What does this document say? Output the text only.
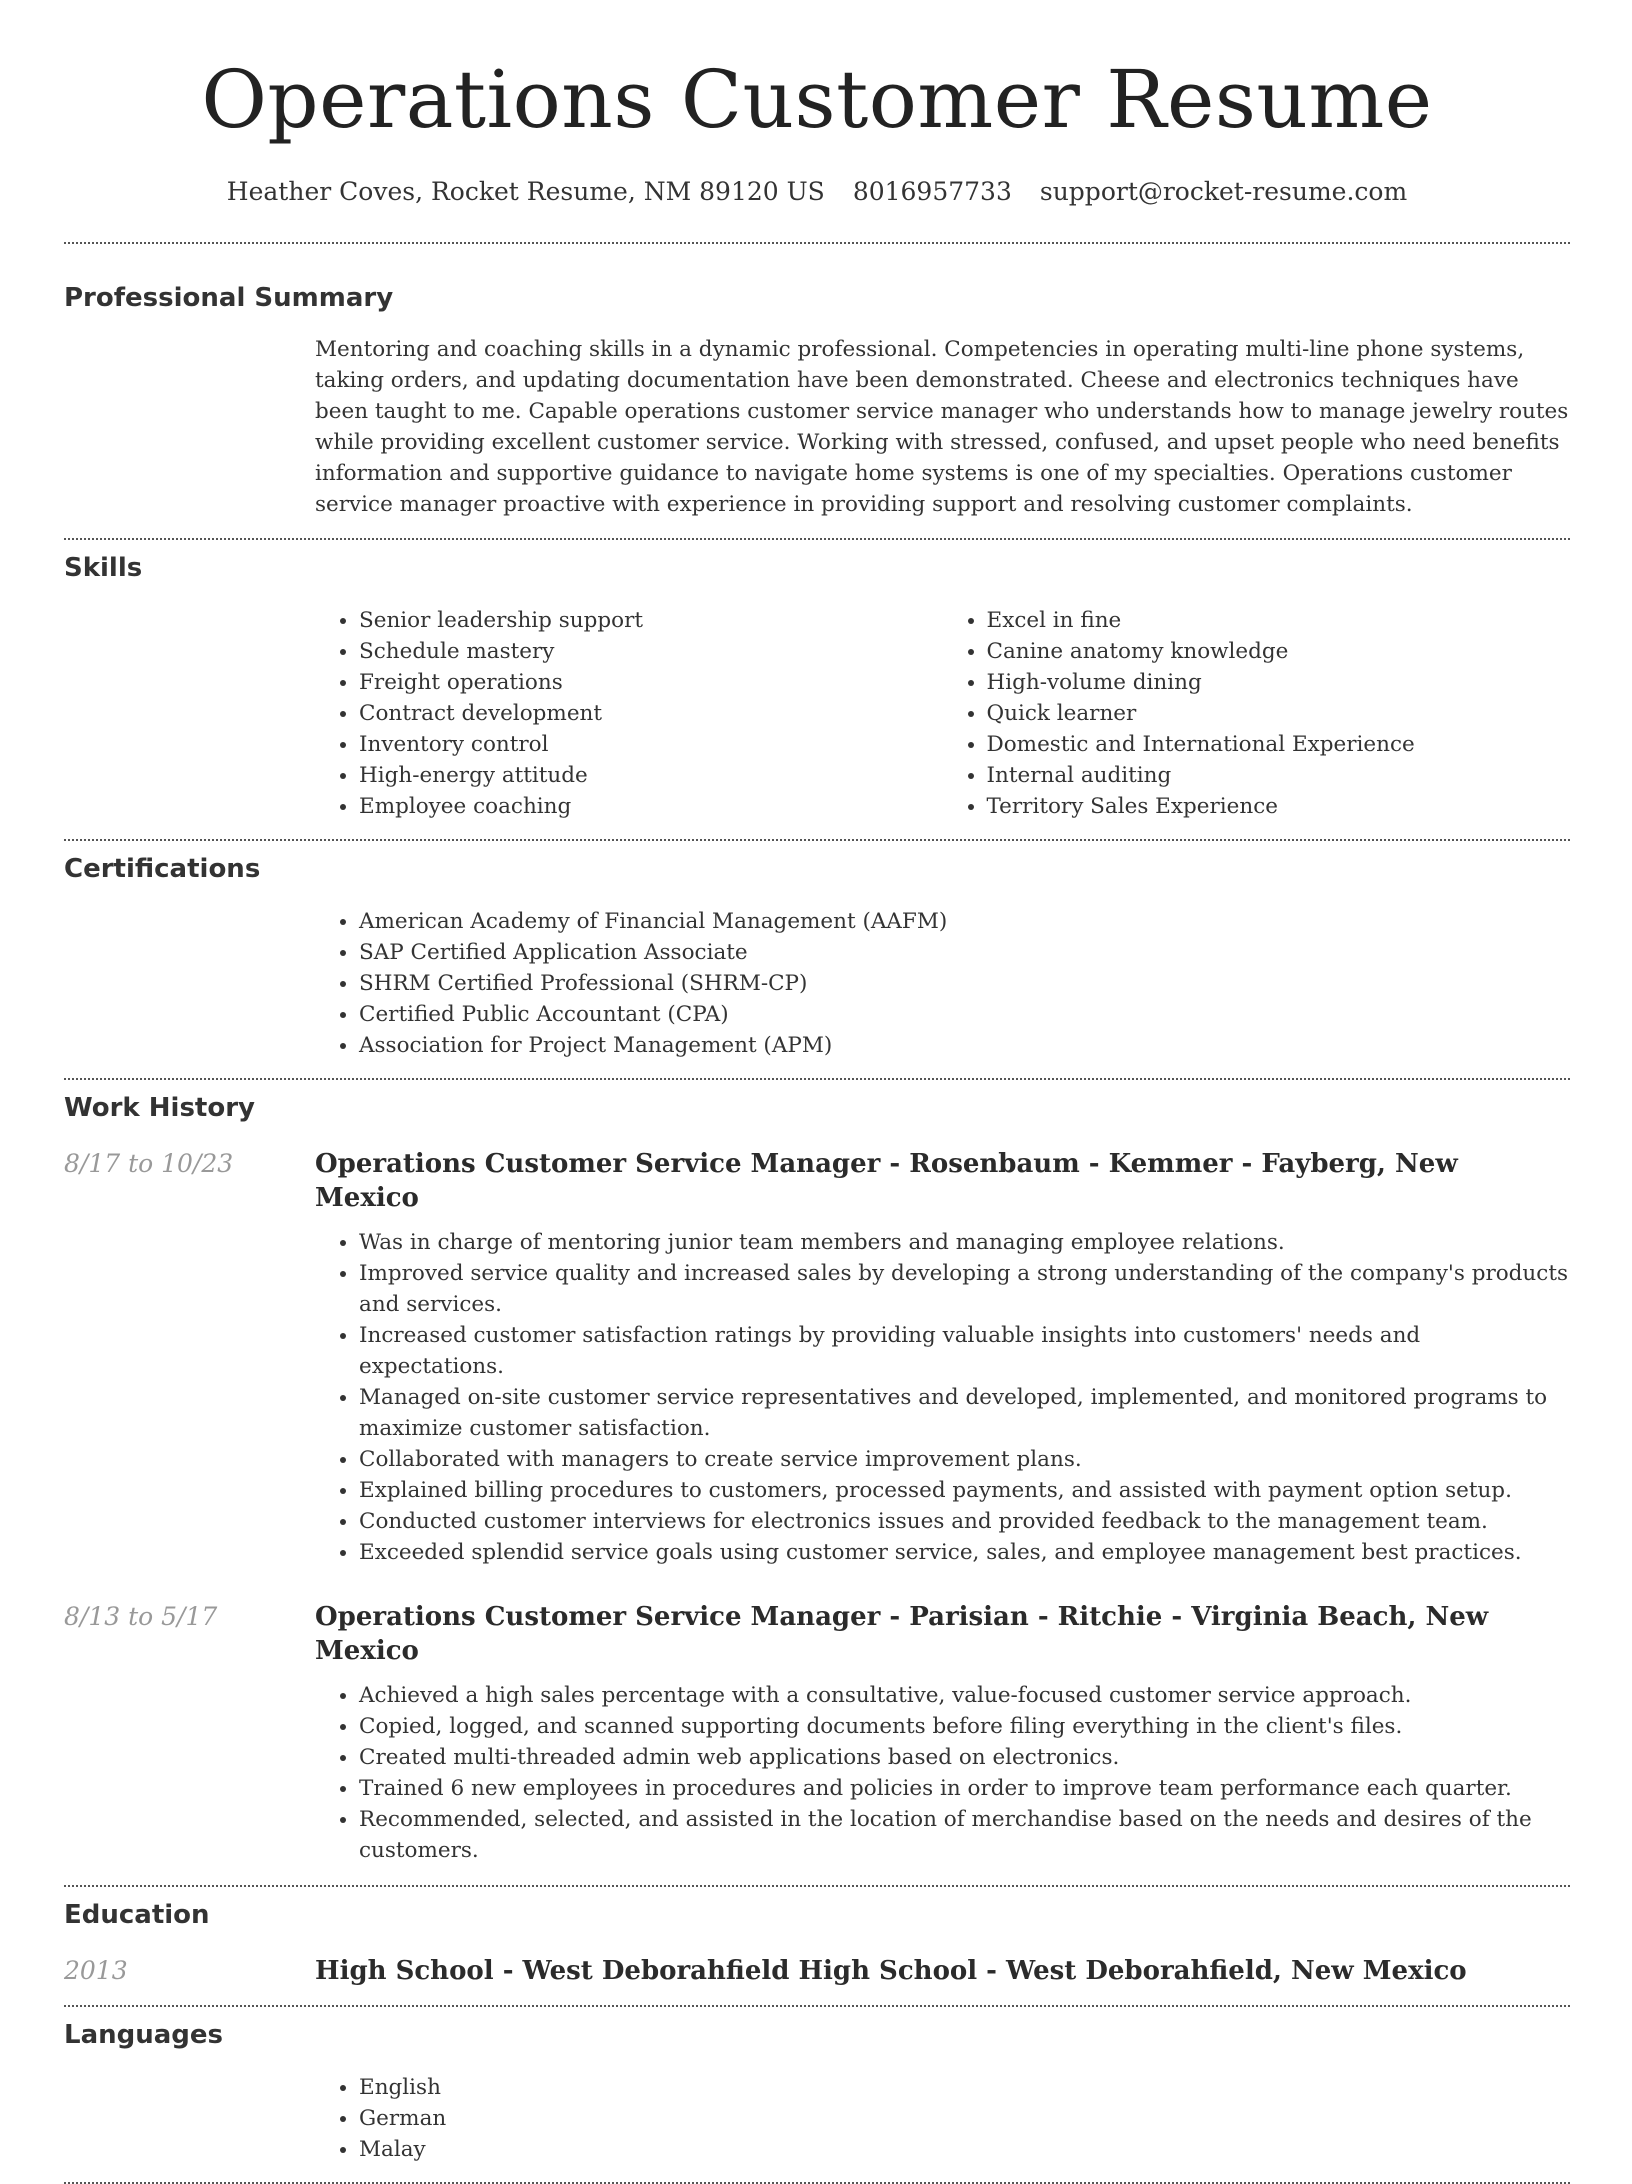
Operations Customer Resume
Heather Coves, Rocket Resume, NM 89120 US 8016957733 support@rocket-resume.com
Professional Summary

Mentoring and coaching skills in a dynamic professional. Competencies in operating multi-line phone systems, taking orders, and updating documentation have been demonstrated. Cheese and electronics techniques have been taught to me. Capable operations customer service manager who understands how to manage jewelry routes while providing excellent customer service. Working with stressed, confused, and upset people who need benefits information and supportive guidance to navigate home systems is one of my specialties. Operations customer service manager proactive with experience in providing support and resolving customer complaints.

Skills
• Senior leadership support
• Schedule mastery
• Freight operations
• Contract development
• Inventory control
• High-energy attitude
• Employee coaching
• Excel in fine
• Canine anatomy knowledge
• High-volume dining
• Quick learner
• Domestic and International Experience
• Internal auditing
• Territory Sales Experience
Certifications
• American Academy of Financial Management (AAFM)
• SAP Certified Application Associate
• SHRM Certified Professional (SHRM-CP)
• Certified Public Accountant (CPA)
• Association for Project Management (APM)
Work History
8/17 to 10/23	Operations Customer Service Manager - Rosenbaum - Kemmer - Fayberg, New Mexico
• Was in charge of mentoring junior team members and managing employee relations.
• Improved service quality and increased sales by developing a strong understanding of the company's products and services.
• Increased customer satisfaction ratings by providing valuable insights into customers' needs and expectations.
• Managed on-site customer service representatives and developed, implemented, and monitored programs to maximize customer satisfaction.
• Collaborated with managers to create service improvement plans.
• Explained billing procedures to customers, processed payments, and assisted with payment option setup.
• Conducted customer interviews for electronics issues and provided feedback to the management team.
• Exceeded splendid service goals using customer service, sales, and employee management best practices.
8/13 to 5/17	Operations Customer Service Manager - Parisian - Ritchie - Virginia Beach, New Mexico
• Achieved a high sales percentage with a consultative, value-focused customer service approach.
• Copied, logged, and scanned supporting documents before filing everything in the client's files.
• Created multi-threaded admin web applications based on electronics.
• Trained 6 new employees in procedures and policies in order to improve team performance each quarter.
• Recommended, selected, and assisted in the location of merchandise based on the needs and desires of the customers.
Education
2013	High School - West Deborahfield High School - West Deborahfield, New Mexico
Languages
• English
• German
• Malay
